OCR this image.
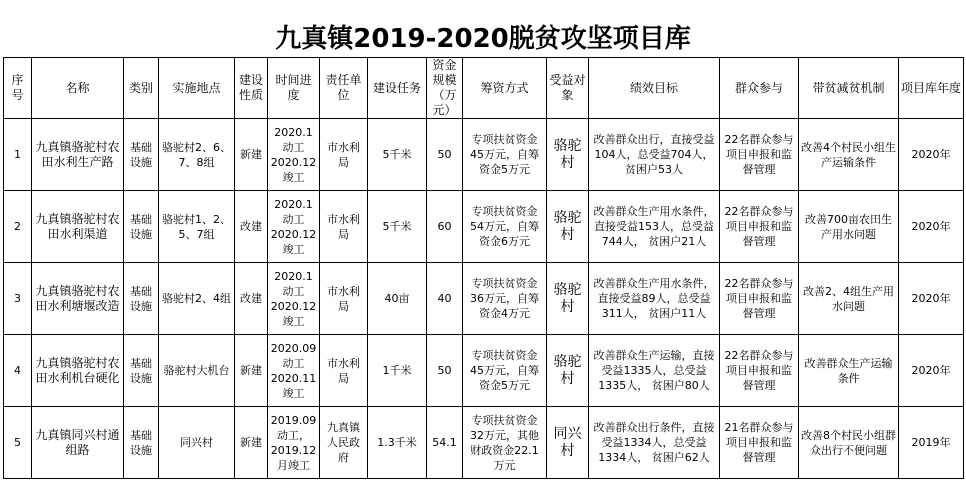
九真镇2019-2020脱贫攻坚项目库
序号	名称	类别	实施地点	建设性质	时间进度	责任单位	建设任务	资金规模（万元）	筹资方式	受益对象	绩效目标	群众参与	带贫减贫机制	项目库年度
1	九真镇骆驼村农田水利生产路	基础设施	骆驼村2、6、7、8组	新建	2020.1动工2020.12竣工	市水利局	5千米	50	专项扶贫资金45万元，自筹资金5万元	骆驼村	改善群众出行，直接受益104人，总受益704人， 贫困户53人	22名群众参与项目申报和监督管理	改善4个村民小组生产运输条件	2020年
2	九真镇骆驼村农田水利渠道	基础设施	骆驼村1、2、5、7组	改建	2020.1动工2020.12竣工	市水利局	5千米	60	专项扶贫资金54万元，自筹资金6万元	骆驼村	改善群众生产用水条件，直接受益153人，总受益744人， 贫困户21人	22名群众参与项目申报和监督管理	改善700亩农田生产用水问题	2020年
3	九真镇骆驼村农田水利塘堰改造	基础设施	骆驼村2、4组	改建	2020.1动工2020.12竣工	市水利局	40亩	40	专项扶贫资金36万元，自筹资金4万元	骆驼村	改善群众生产用水条件，直接受益89人，总受益311人， 贫困户11人	22名群众参与项目申报和监督管理	改善2、4组生产用水问题	2020年
4	九真镇骆驼村农田水利机台硬化	基础设施	骆驼村大机台	新建	2020.09动工2020.11竣工	市水利局	1千米	50	专项扶贫资金45万元，自筹资金5万元	骆驼村	改善群众生产运输，直接受益1335人，总受益1335人， 贫困户80人	22名群众参与项目申报和监督管理	改善群众生产运输条件	2020年
5	九真镇同兴村通组路	基础设施	同兴村	新建	2019.09动工，2019.12月竣工	九真镇人民政府	1.3千米	54.1	专项扶贫资金32万元，其他财政资金22.1万元	同兴村	改善群众出行条件，直接受益1334人，总受益1334人， 贫困户62人	21名群众参与项目申报和监督管理	改善8个村民小组群众出行不便问题	2019年
